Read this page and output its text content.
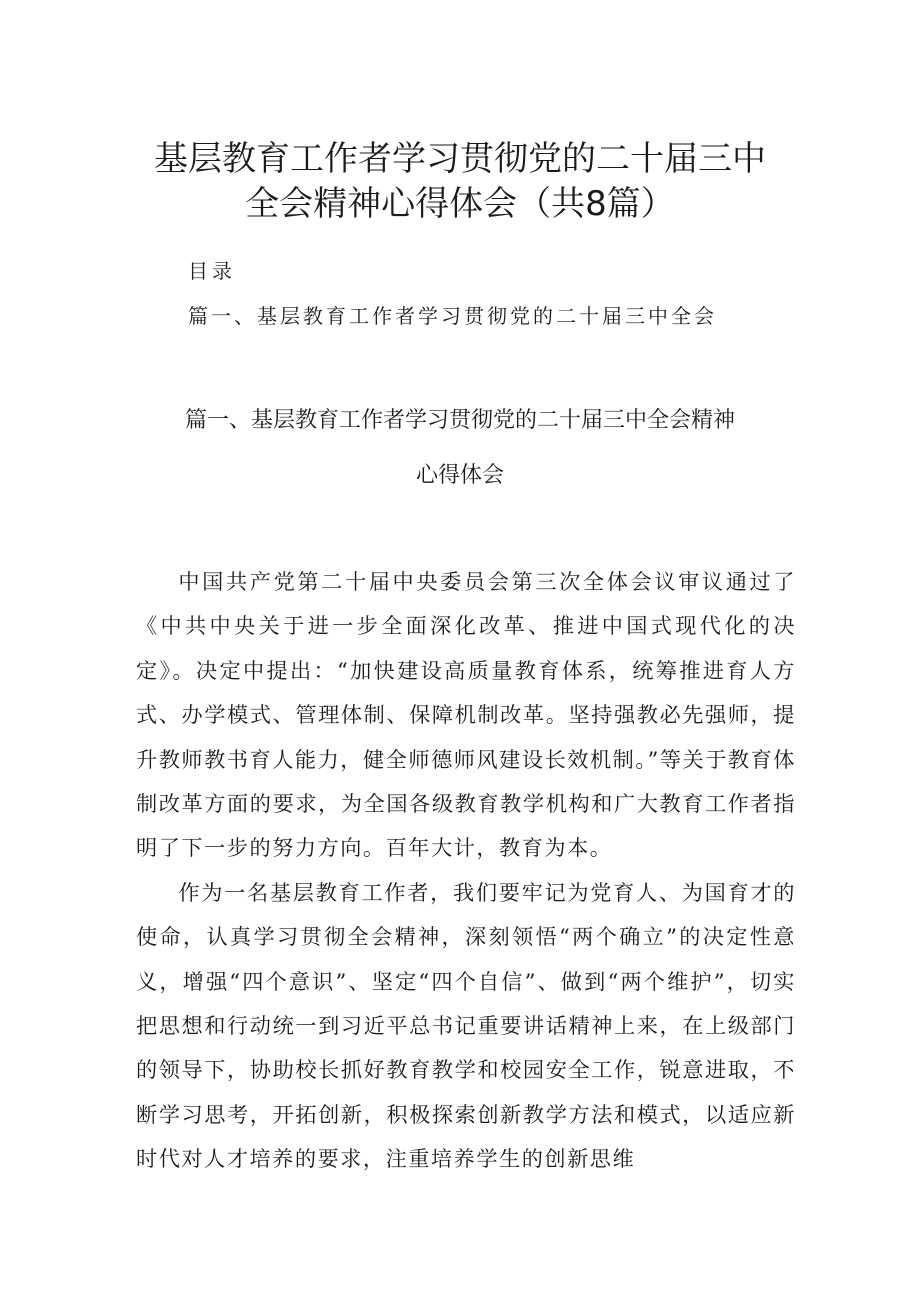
基层教育工作者学习贯彻党的二十届三中
全会精神心得体会（共8篇）
目录
篇一、基层教育工作者学习贯彻党的二十届三中全会
篇一、基层教育工作者学习贯彻党的二十届三中全会精神
心得体会

中国共产党第二十届中央委员会第三次全体会议审议通过了《中共中央关于进一步全面深化改革、推进中国式现代化的决定》。决定中提出：“加快建设高质量教育体系，统筹推进育人方式、办学模式、管理体制、保障机制改革。坚持强教必先强师，提升教师教书育人能力，健全师德师风建设长效机制。”等关于教育体制改革方面的要求，为全国各级教育教学机构和广大教育工作者指明了下一步的努力方向。百年大计，教育为本。

作为一名基层教育工作者，我们要牢记为党育人、为国育才的使命，认真学习贯彻全会精神，深刻领悟“两个确立”的决定性意义，增强“四个意识”、坚定“四个自信”、做到“两个维护”，切实把思想和行动统一到习近平总书记重要讲话精神上来，在上级部门的领导下，协助校长抓好教育教学和校园安全工作，锐意进取，不断学习思考，开拓创新，积极探索创新教学方法和模式，以适应新时代对人才培养的要求，注重培养学生的创新思维
